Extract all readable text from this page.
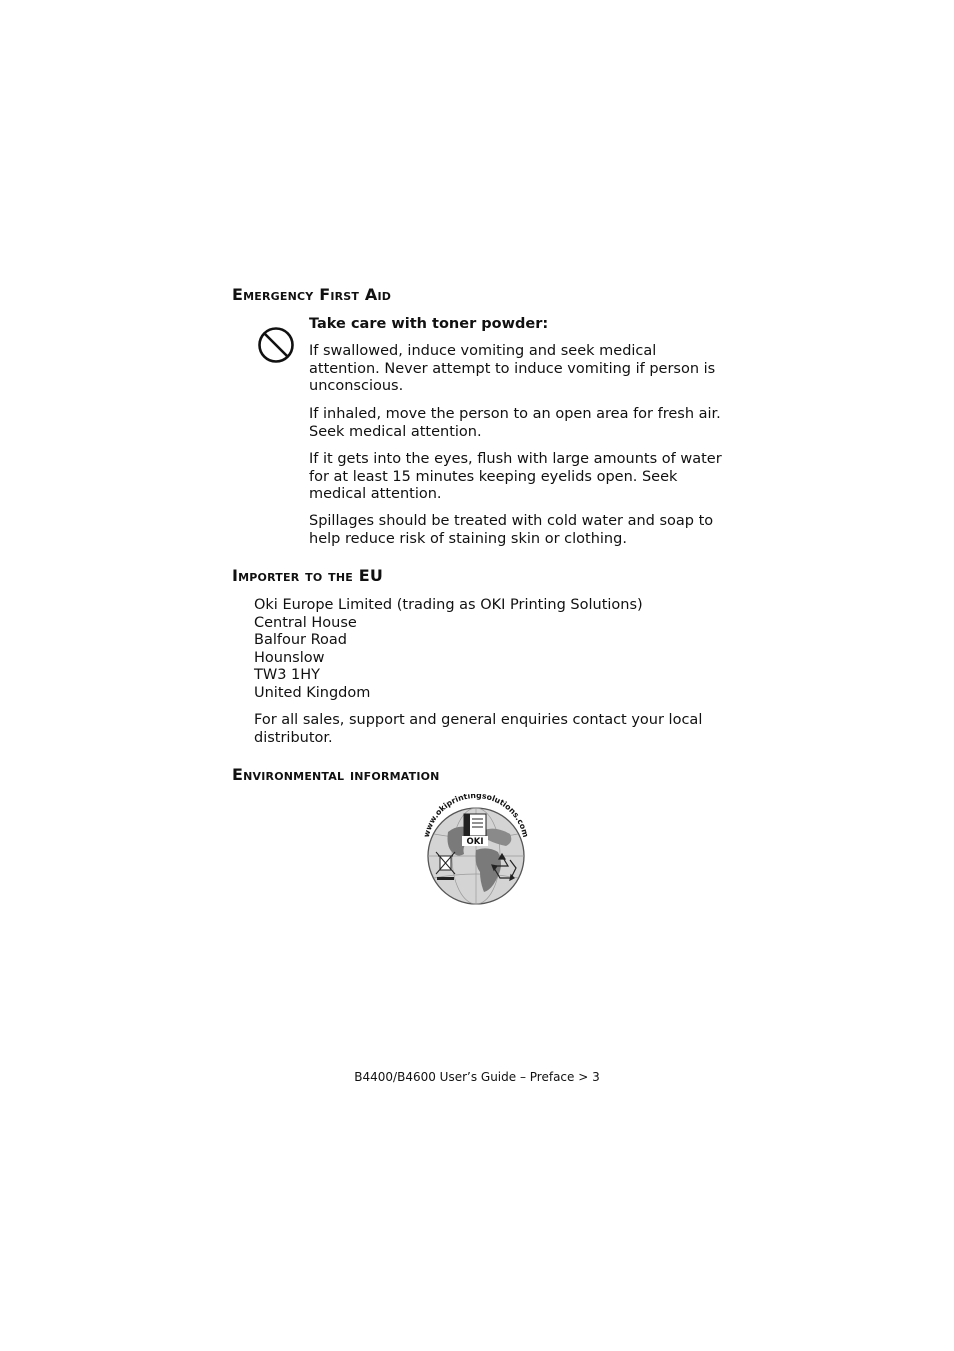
Emergency First Aid

Take care with toner powder:

If swallowed, induce vomiting and seek medical attention. Never attempt to induce vomiting if person is unconscious.

If inhaled, move the person to an open area for fresh air. Seek medical attention.

If it gets into the eyes, flush with large amounts of water for at least 15 minutes keeping eyelids open. Seek medical attention.

Spillages should be treated with cold water and soap to help reduce risk of staining skin or clothing.

Importer to the EU
Oki Europe Limited (trading as OKI Printing Solutions)
Central House
Balfour Road
Hounslow
TW3 1HY
United Kingdom

For all sales, support and general enquiries contact your local distributor.

Environmental information
OKI
www.okiprintingsolutions.com
B4400/B4600 User’s Guide – Preface > 3
